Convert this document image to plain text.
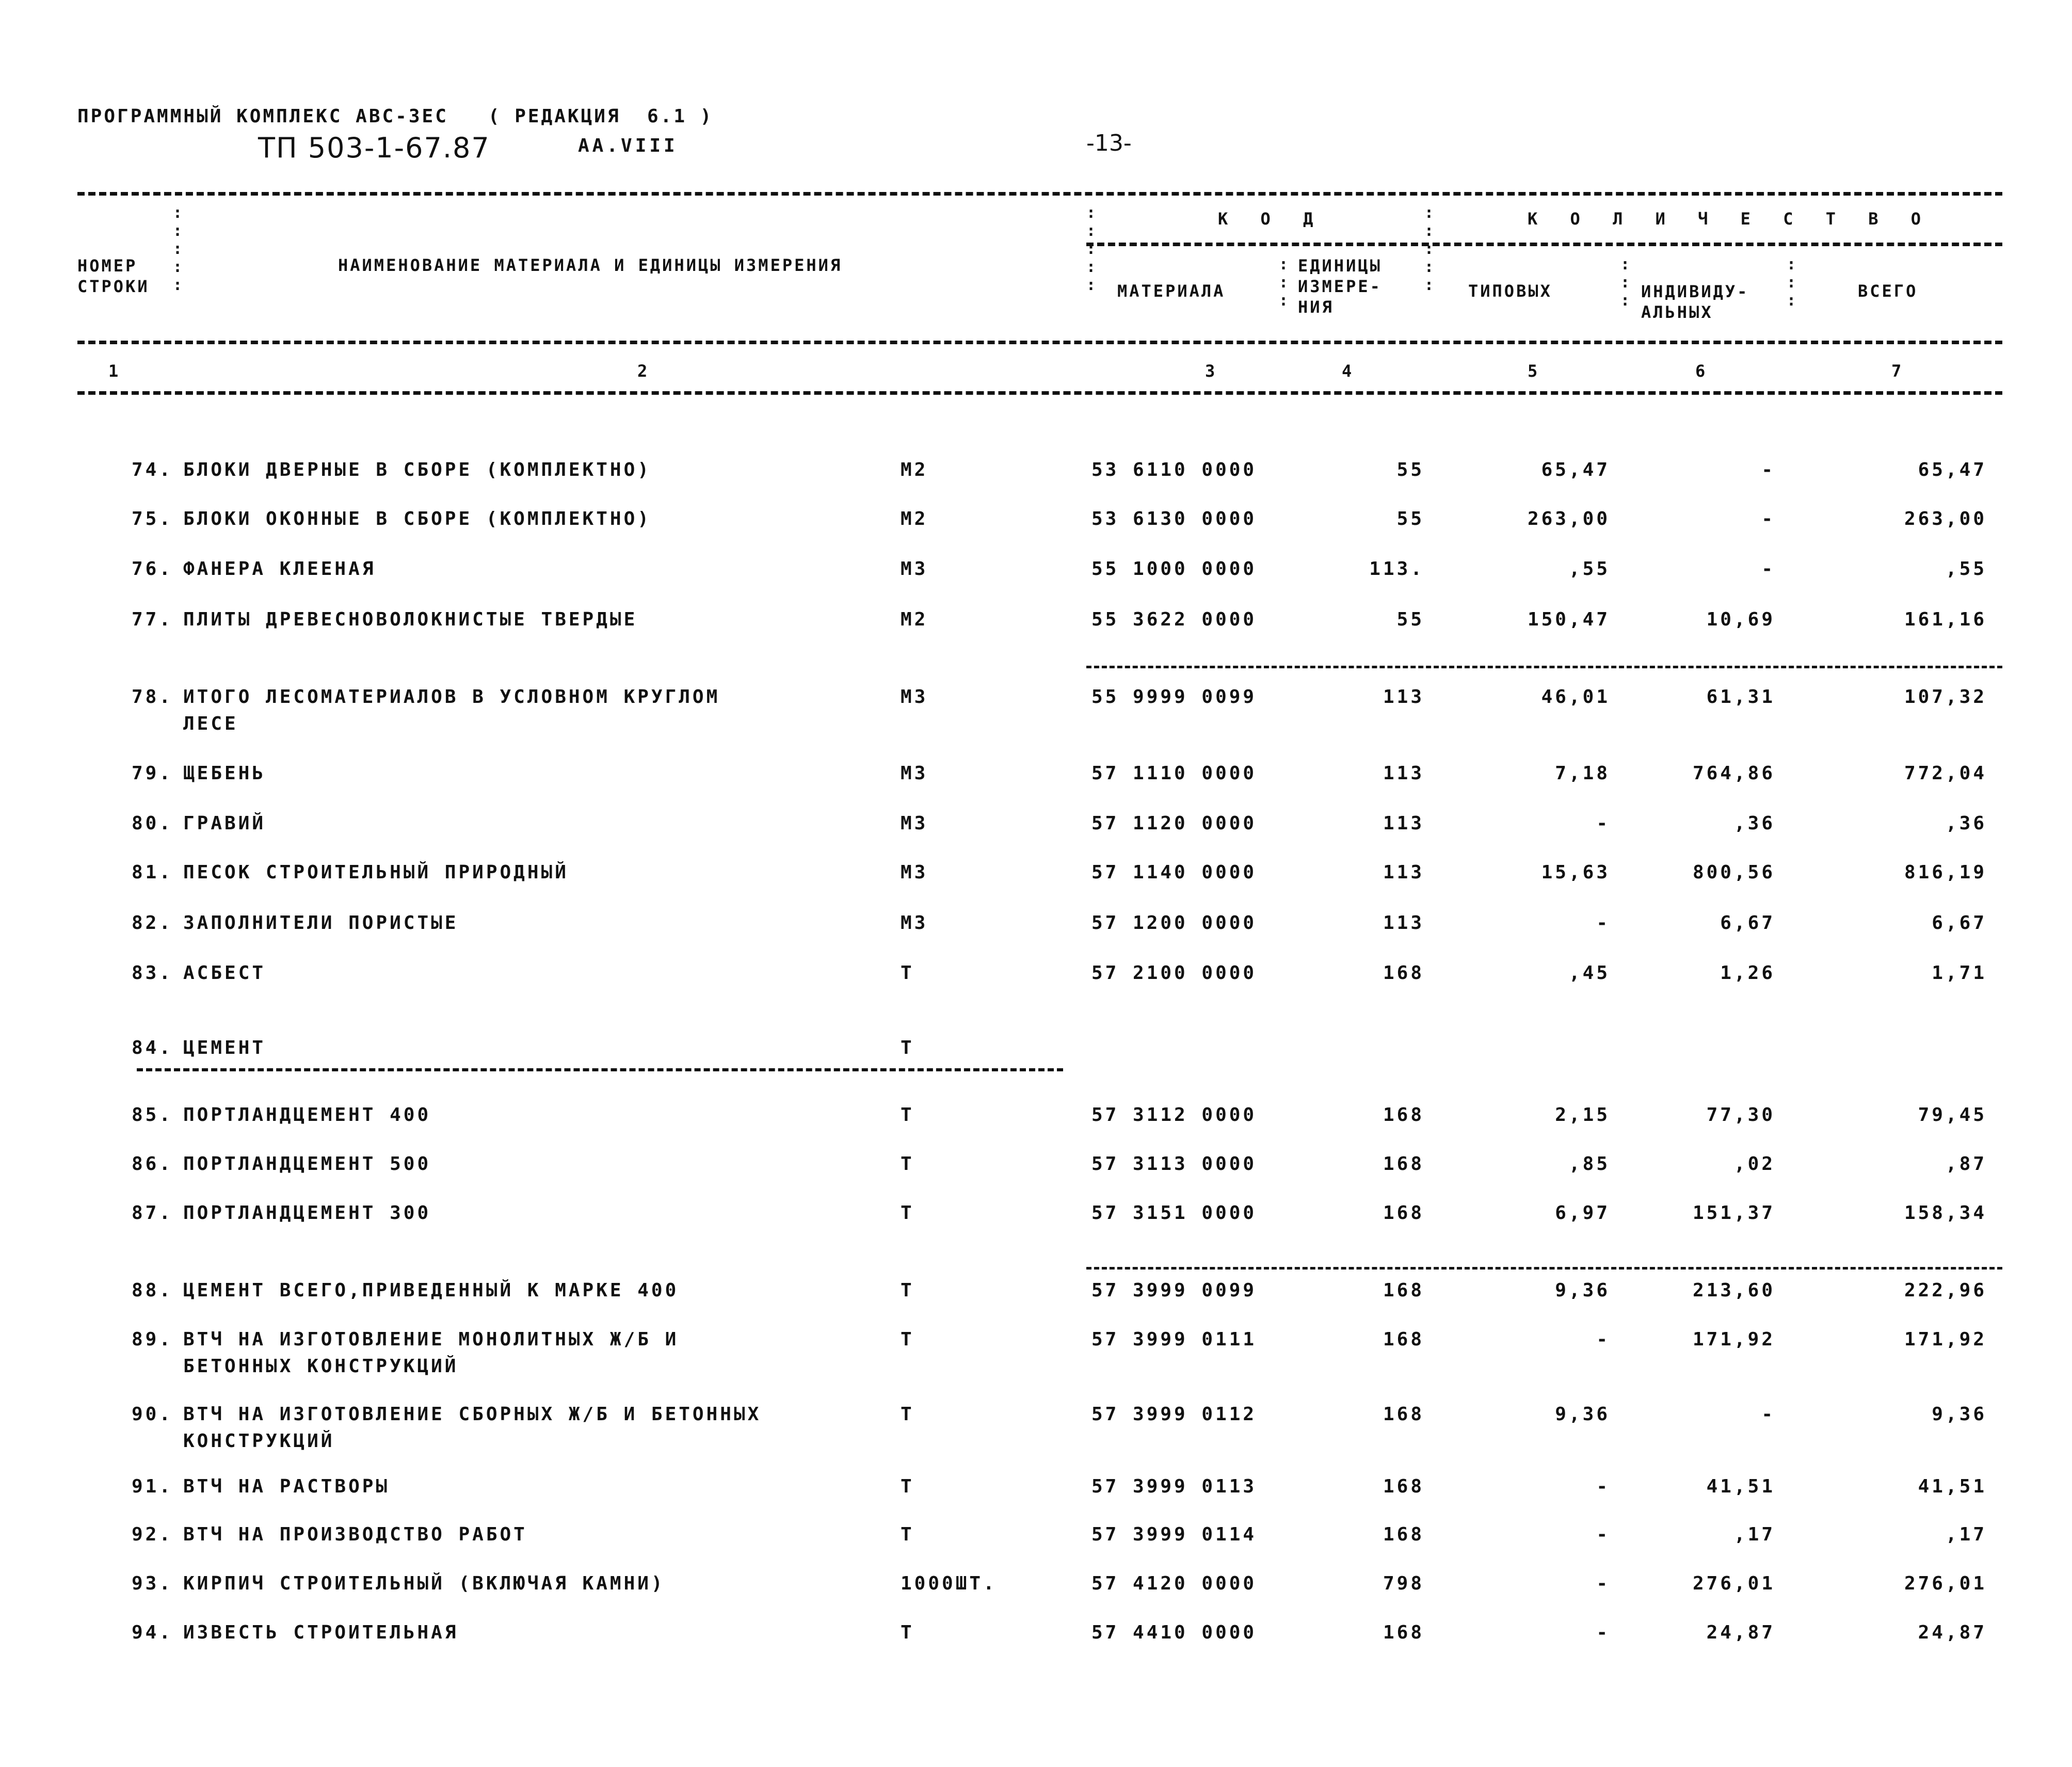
ПРОГРАММНЫЙ КОМПЛЕКС АВС-3ЕС   ( РЕДАКЦИЯ  6.1 )
ТП 503-1-67.87	АА.VIII	-13-
:
:
:
:
:
:
:
:
:
:
:
:
:
:
:
:
:
:
:
:
:
:
:
:
НОМЕР
СТРОКИ
НАИМЕНОВАНИЕ МАТЕРИАЛА И ЕДИНИЦЫ ИЗМЕРЕНИЯ
К О Д
МАТЕРИАЛА
ЕДИНИЦЫ
ИЗМЕРЕ-
НИЯ
К О Л И Ч Е С Т В О
ТИПОВЫХ	ИНДИВИДУ-
АЛЬНЫХ
ВСЕГО
1	2	3	4	5	6	7
74. БЛОКИ ДВЕРНЫЕ В СБОРЕ (КОМПЛЕКТНО)	М2	53 6110 0000	55	65,47	-	65,47
75. БЛОКИ ОКОННЫЕ В СБОРЕ (КОМПЛЕКТНО)	М2	53 6130 0000	55	263,00	-	263,00
76. ФАНЕРА КЛЕЕНАЯ	М3	55 1000 0000	113.	,55	-	,55
77. ПЛИТЫ ДРЕВЕСНОВОЛОКНИСТЫЕ ТВЕРДЫЕ	М2	55 3622 0000	55	150,47	10,69	161,16
78. ИТОГО ЛЕСОМАТЕРИАЛОВ В УСЛОВНОМ КРУГЛОМ
ЛЕСЕ
М3	55 9999 0099	113	46,01	61,31	107,32
79. ЩЕБЕНЬ	М3	57 1110 0000	113	7,18	764,86	772,04
80. ГРАВИЙ	М3	57 1120 0000	113	-	,36	,36
81. ПЕСОК СТРОИТЕЛЬНЫЙ ПРИРОДНЫЙ	М3	57 1140 0000	113	15,63	800,56	816,19
82. ЗАПОЛНИТЕЛИ ПОРИСТЫЕ	М3	57 1200 0000	113	-	6,67	6,67
83. АСБЕСТ	Т	57 2100 0000	168	,45	1,26	1,71
84. ЦЕМЕНТ	Т
85. ПОРТЛАНДЦЕМЕНТ 400	Т	57 3112 0000	168	2,15	77,30	79,45
86. ПОРТЛАНДЦЕМЕНТ 500	Т	57 3113 0000	168	,85	,02	,87
87. ПОРТЛАНДЦЕМЕНТ 300	Т	57 3151 0000	168	6,97	151,37	158,34
88. ЦЕМЕНТ ВСЕГО,ПРИВЕДЕННЫЙ К МАРКЕ 400	Т	57 3999 0099	168	9,36	213,60	222,96
89. ВТЧ НА ИЗГОТОВЛЕНИЕ МОНОЛИТНЫХ Ж/Б И
БЕТОННЫХ КОНСТРУКЦИЙ
Т	57 3999 0111	168	-	171,92	171,92
90. ВТЧ НА ИЗГОТОВЛЕНИЕ СБОРНЫХ Ж/Б И БЕТОННЫХ
КОНСТРУКЦИЙ
Т	57 3999 0112	168	9,36	-	9,36
91. ВТЧ НА РАСТВОРЫ	Т	57 3999 0113	168	-	41,51	41,51
92. ВТЧ НА ПРОИЗВОДСТВО РАБОТ	Т	57 3999 0114	168	-	,17	,17
93. КИРПИЧ СТРОИТЕЛЬНЫЙ (ВКЛЮЧАЯ КАМНИ)	1000ШТ.	57 4120 0000	798	-	276,01	276,01
94. ИЗВЕСТЬ СТРОИТЕЛЬНАЯ	Т	57 4410 0000	168	-	24,87	24,87
